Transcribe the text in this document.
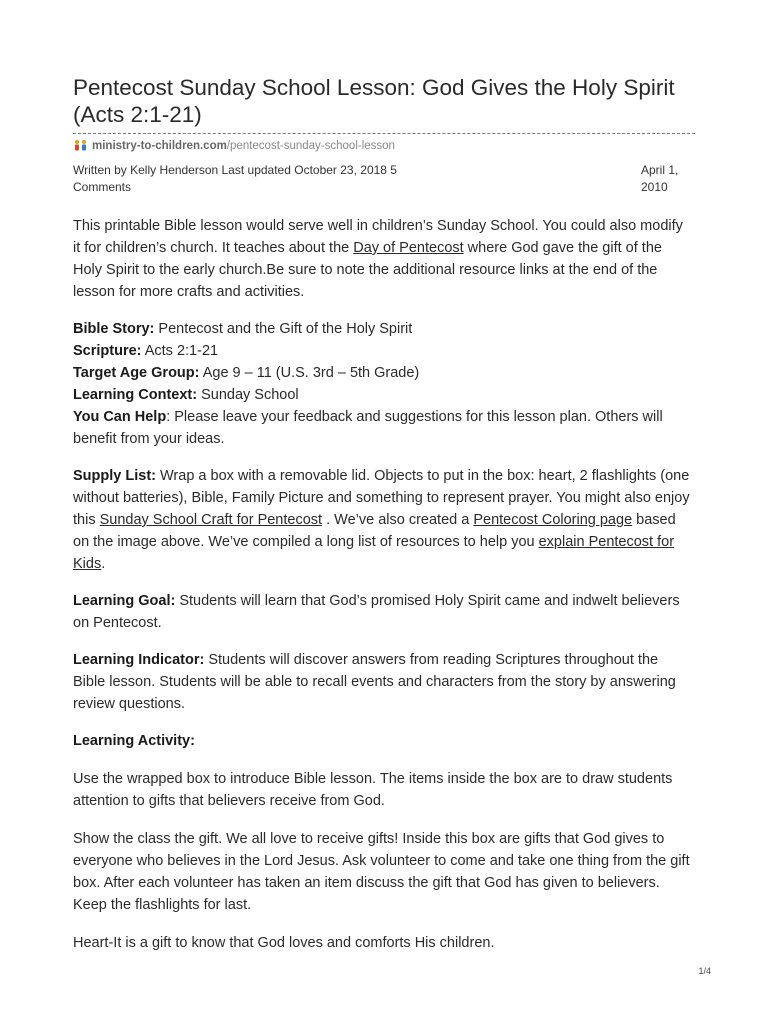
Pentecost Sunday School Lesson: God Gives the Holy Spirit (Acts 2:1-21)
ministry-to-children.com /pentecost-sunday-school-lesson
Written by Kelly Henderson Last updated October 23, 2018 5 Comments
April 1, 2010

This printable Bible lesson would serve well in children’s Sunday School. You could also modify it for children’s church. It teaches about the Day of Pentecost where God gave the gift of the Holy Spirit to the early church.Be sure to note the additional resource links at the end of the lesson for more crafts and activities.

Bible Story: Pentecost and the Gift of the Holy Spirit
Scripture: Acts 2:1-21
Target Age Group: Age 9 – 11 (U.S. 3rd – 5th Grade)
Learning Context: Sunday School
You Can Help: Please leave your feedback and suggestions for this lesson plan. Others will benefit from your ideas.

Supply List: Wrap a box with a removable lid. Objects to put in the box: heart, 2 flashlights (one without batteries), Bible, Family Picture and something to represent prayer. You might also enjoy this Sunday School Craft for Pentecost . We’ve also created a Pentecost Coloring page based on the image above. We’ve compiled a long list of resources to help you explain Pentecost for Kids.

Learning Goal: Students will learn that God’s promised Holy Spirit came and indwelt believers on Pentecost.

Learning Indicator: Students will discover answers from reading Scriptures throughout the Bible lesson. Students will be able to recall events and characters from the story by answering review questions.

Learning Activity:

Use the wrapped box to introduce Bible lesson. The items inside the box are to draw students attention to gifts that believers receive from God.

Show the class the gift. We all love to receive gifts! Inside this box are gifts that God gives to everyone who believes in the Lord Jesus. Ask volunteer to come and take one thing from the gift box. After each volunteer has taken an item discuss the gift that God has given to believers. Keep the flashlights for last.

Heart-It is a gift to know that God loves and comforts His children.

1/4
